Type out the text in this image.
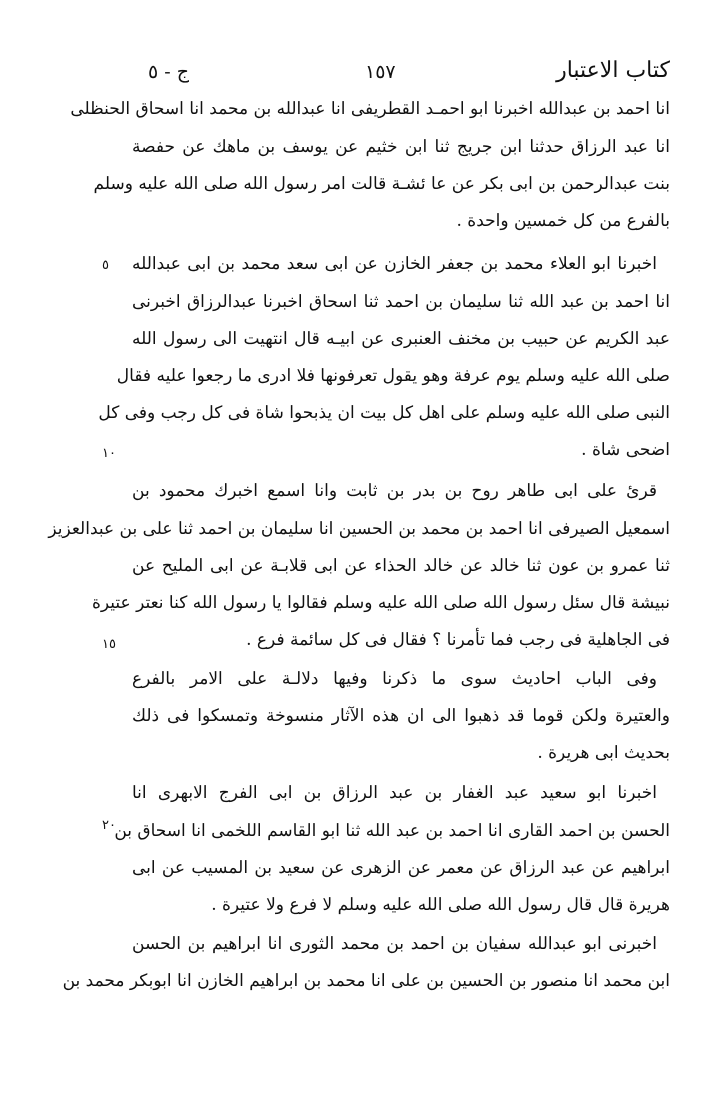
كتاب الاعتبار
١٥٧
ج - ٥
٥
١٠
١٥
٢٠
انا احمد بن عبدالله اخبرنا ابو احمـد القطريفى انا عبدالله بن محمد انا اسحاق الحنظلى
انا عبد الرزاق حدثنا ابن جريج ثنا ابن خثيم عن يوسف بن ماهك عن حفصة
بنت عبدالرحمن بن ابى بكر عن عا ئشـة قالت امر رسول الله صلى الله عليه وسلم
بالفرع من كل خمسين واحدة .
اخبرنا ابو العلاء محمد بن جعفر الخازن عن ابى سعد محمد بن ابى عبدالله
انا احمد بن عبد الله ثنا سليمان بن احمد ثنا اسحاق اخبرنا عبدالرزاق اخبرنى
عبد الكريم عن حبيب بن مخنف العنبرى عن ابيـه قال انتهيت الى رسول الله
صلى الله عليه وسلم يوم عرفة وهو يقول تعرفونها فلا ادرى ما رجعوا عليه فقال
النبى صلى الله عليه وسلم على اهل كل بيت ان يذبحوا شاة فى كل رجب وفى كل
اضحى شاة .
قرئ على ابى طاهر روح بن بدر بن ثابت وانا اسمع اخبرك محمود بن
اسمعيل الصيرفى انا احمد بن محمد بن الحسين انا سليمان بن احمد ثنا على بن عبدالعزيز
ثنا عمرو بن عون ثنا خالد عن خالد الحذاء عن ابى قلابـة عن ابى المليح عن
نبيشة قال سئل رسول الله صلى الله عليه وسلم فقالوا يا رسول الله كنا نعتر عتيرة
فى الجاهلية فى رجب فما تأمرنا ؟ فقال فى كل سائمة فرع .
وفى الباب احاديث سوى ما ذكرنا وفيها دلالـة على الامر بالفرع
والعتيرة ولكن قوما قد ذهبوا الى ان هذه الآثار منسوخة وتمسكوا فى ذلك
بحديث ابى هريرة .
اخبرنا ابو سعيد عبد الغفار بن عبد الرزاق بن ابى الفرج الابهرى انا
الحسن بن احمد القارى انا احمد بن عبد الله ثنا ابو القاسم اللخمى انا اسحاق بن
ابراهيم عن عبد الرزاق عن معمر عن الزهرى عن سعيد بن المسيب عن ابى
هريرة قال قال رسول الله صلى الله عليه وسلم لا فرع ولا عتيرة .
اخبرنى ابو عبدالله سفيان بن احمد بن محمد الثورى انا ابراهيم بن الحسن
ابن محمد انا منصور بن الحسين بن على انا محمد بن ابراهيم الخازن انا ابوبكر محمد بن
